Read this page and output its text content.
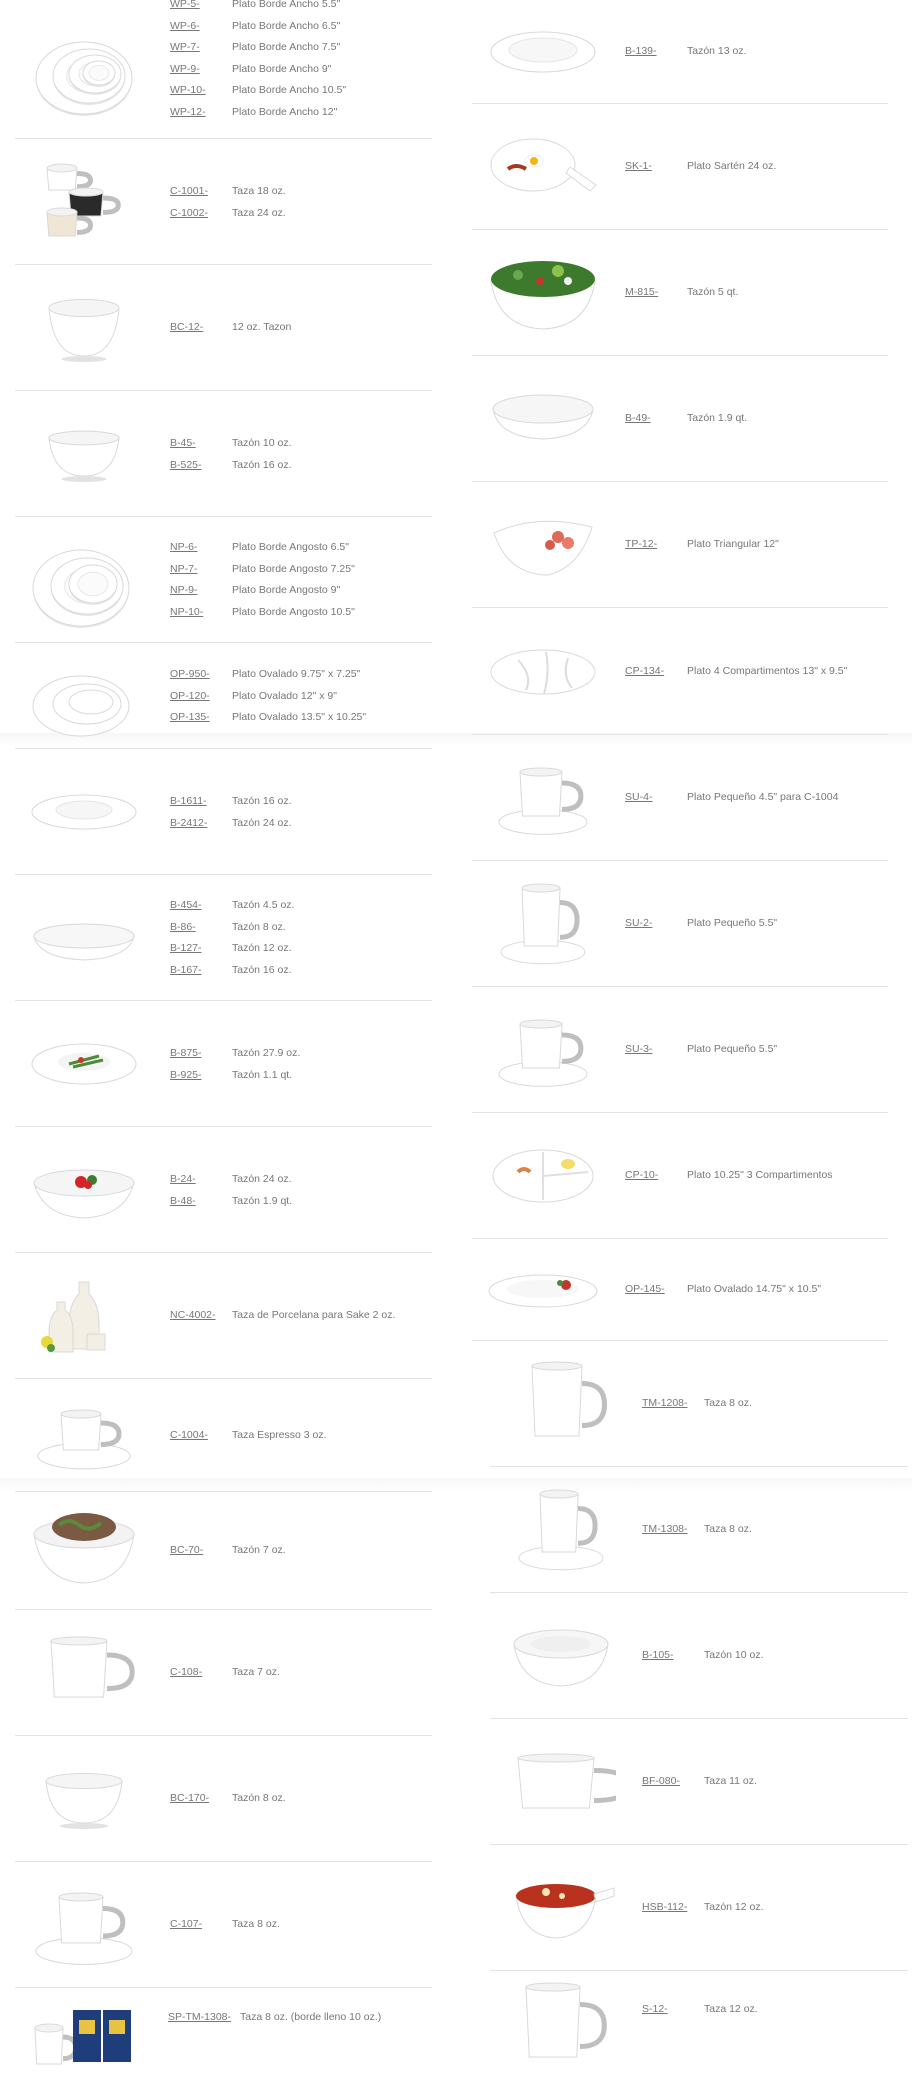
WP-5-	Plato Borde Ancho 5.5"
WP-6-	Plato Borde Ancho 6.5"
WP-7-	Plato Borde Ancho 7.5"
WP-9-	Plato Borde Ancho 9"
WP-10-	Plato Borde Ancho 10.5"
WP-12-	Plato Borde Ancho 12"
C-1001- Taza 18 oz.
C-1002- Taza 24 oz.
BC-12-	12 oz. Tazon
B-45-	Tazón 10 oz.
B-525-	Tazón 16 oz.
NP-6-	Plato Borde Angosto 6.5"
NP-7-	Plato Borde Angosto 7.25"
NP-9-	Plato Borde Angosto 9"
NP-10-	Plato Borde Angosto 10.5"
OP-950- Plato Ovalado 9.75" x 7.25"
OP-120- Plato Ovalado 12" x 9"
OP-135- Plato Ovalado 13.5" x 10.25"
B-1611- Tazón 16 oz.
B-2412- Tazón 24 oz.
B-454-	Tazón 4.5 oz.
B-86-	Tazón 8 oz.
B-127-	Tazón 12 oz.
B-167-	Tazón 16 oz.
B-875-	Tazón 27.9 oz.
B-925-	Tazón 1.1 qt.
B-24-	Tazón 24 oz.
B-48-	Tazón 1.9 qt.
NC-4002- Taza de Porcelana para Sake 2 oz.
C-1004- Taza Espresso 3 oz.
BC-70-	Tazón 7 oz.
C-108-	Taza 7 oz.
BC-170- Tazón 8 oz.
C-107-	Taza 8 oz.
SP-TM-1308- Taza 8 oz. (borde lleno 10 oz.)
B-139-	Tazón 13 oz.
SK-1-	Plato Sartén 24 oz.
M-815-	Tazón 5 qt.
B-49-	Tazón 1.9 qt.
TP-12-	Plato Triangular 12"
CP-134- Plato 4 Compartimentos 13" x 9.5"
SU-4-	Plato Pequeño 4.5" para C-1004
SU-2-	Plato Pequeño 5.5"
SU-3-	Plato Pequeño 5.5"
CP-10-	Plato 10.25" 3 Compartimentos
OP-145- Plato Ovalado 14.75" x 10.5"
TM-1208- Taza 8 oz.
TM-1308- Taza 8 oz.
B-105-	Tazón 10 oz.
BF-080- Taza 11 oz.
HSB-112- Tazón 12 oz.
S-12-	Taza 12 oz.
